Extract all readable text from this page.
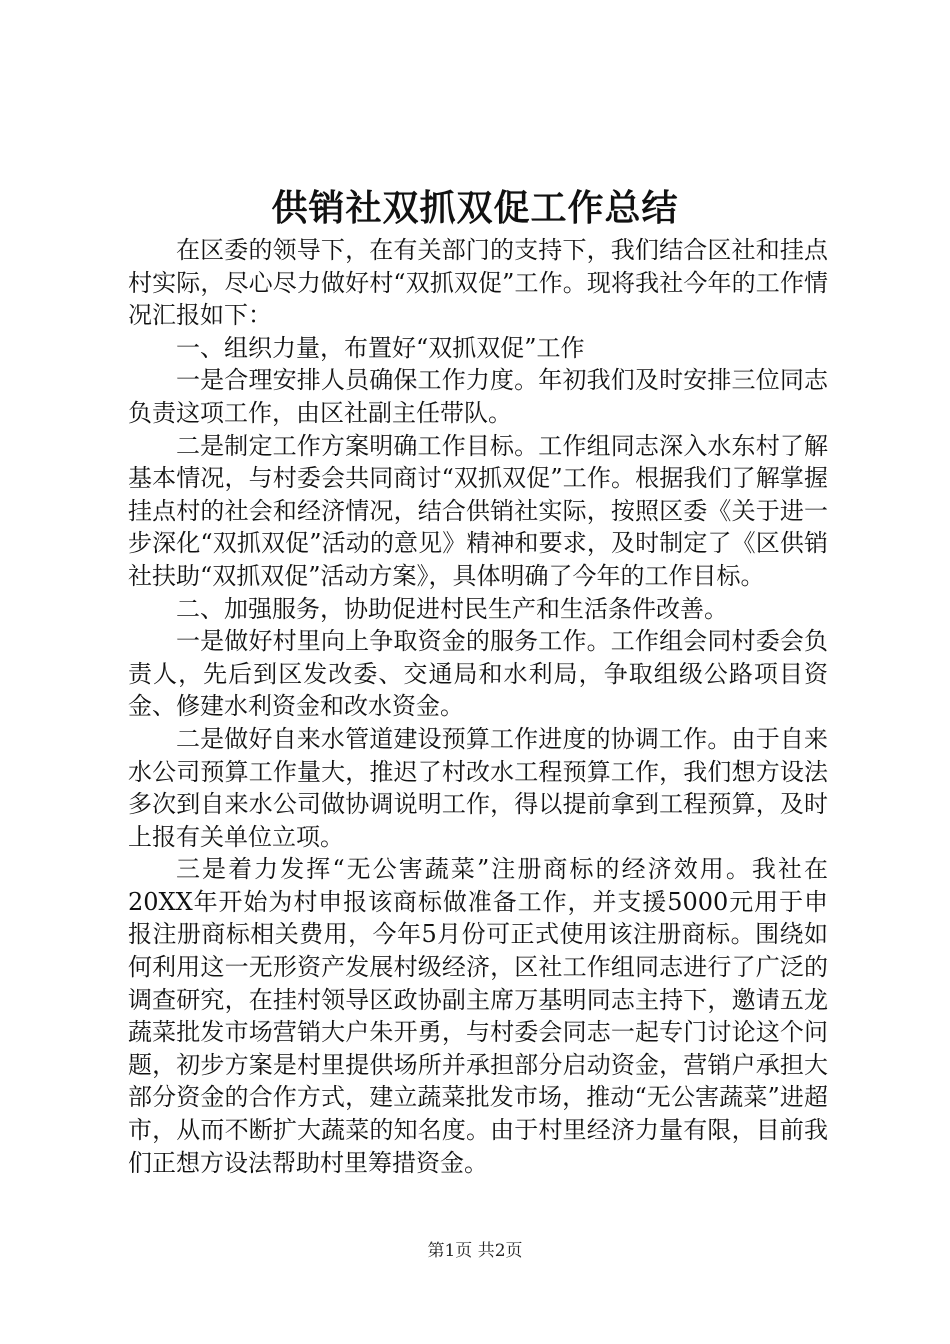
供销社双抓双促工作总结

在区委的领导下，在有关部门的支持下，我们结合区社和挂点村实际，尽心尽力做好村“双抓双促”工作。现将我社今年的工作情况汇报如下：

一、组织力量，布置好“双抓双促”工作

一是合理安排人员确保工作力度。年初我们及时安排三位同志负责这项工作，由区社副主任带队。

二是制定工作方案明确工作目标。工作组同志深入水东村了解基本情况，与村委会共同商讨“双抓双促”工作。根据我们了解掌握挂点村的社会和经济情况，结合供销社实际，按照区委《关于进一步深化“双抓双促”活动的意见》精神和要求，及时制定了《区供销社扶助“双抓双促”活动方案》，具体明确了今年的工作目标。

二、加强服务，协助促进村民生产和生活条件改善。

一是做好村里向上争取资金的服务工作。工作组会同村委会负责人，先后到区发改委、交通局和水利局，争取组级公路项目资金、修建水利资金和改水资金。

二是做好自来水管道建设预算工作进度的协调工作。由于自来水公司预算工作量大，推迟了村改水工程预算工作，我们想方设法多次到自来水公司做协调说明工作，得以提前拿到工程预算，及时上报有关单位立项。

三是着力发挥“无公害蔬菜”注册商标的经济效用。我社在20XX年开始为村申报该商标做准备工作，并支援5000元用于申报注册商标相关费用，今年5月份可正式使用该注册商标。围绕如何利用这一无形资产发展村级经济，区社工作组同志进行了广泛的调查研究，在挂村领导区政协副主席万基明同志主持下，邀请五龙蔬菜批发市场营销大户朱开勇，与村委会同志一起专门讨论这个问题，初步方案是村里提供场所并承担部分启动资金，营销户承担大部分资金的合作方式，建立蔬菜批发市场，推动“无公害蔬菜”进超市，从而不断扩大蔬菜的知名度。由于村里经济力量有限，目前我们正想方设法帮助村里筹措资金。

第1页 共2页
